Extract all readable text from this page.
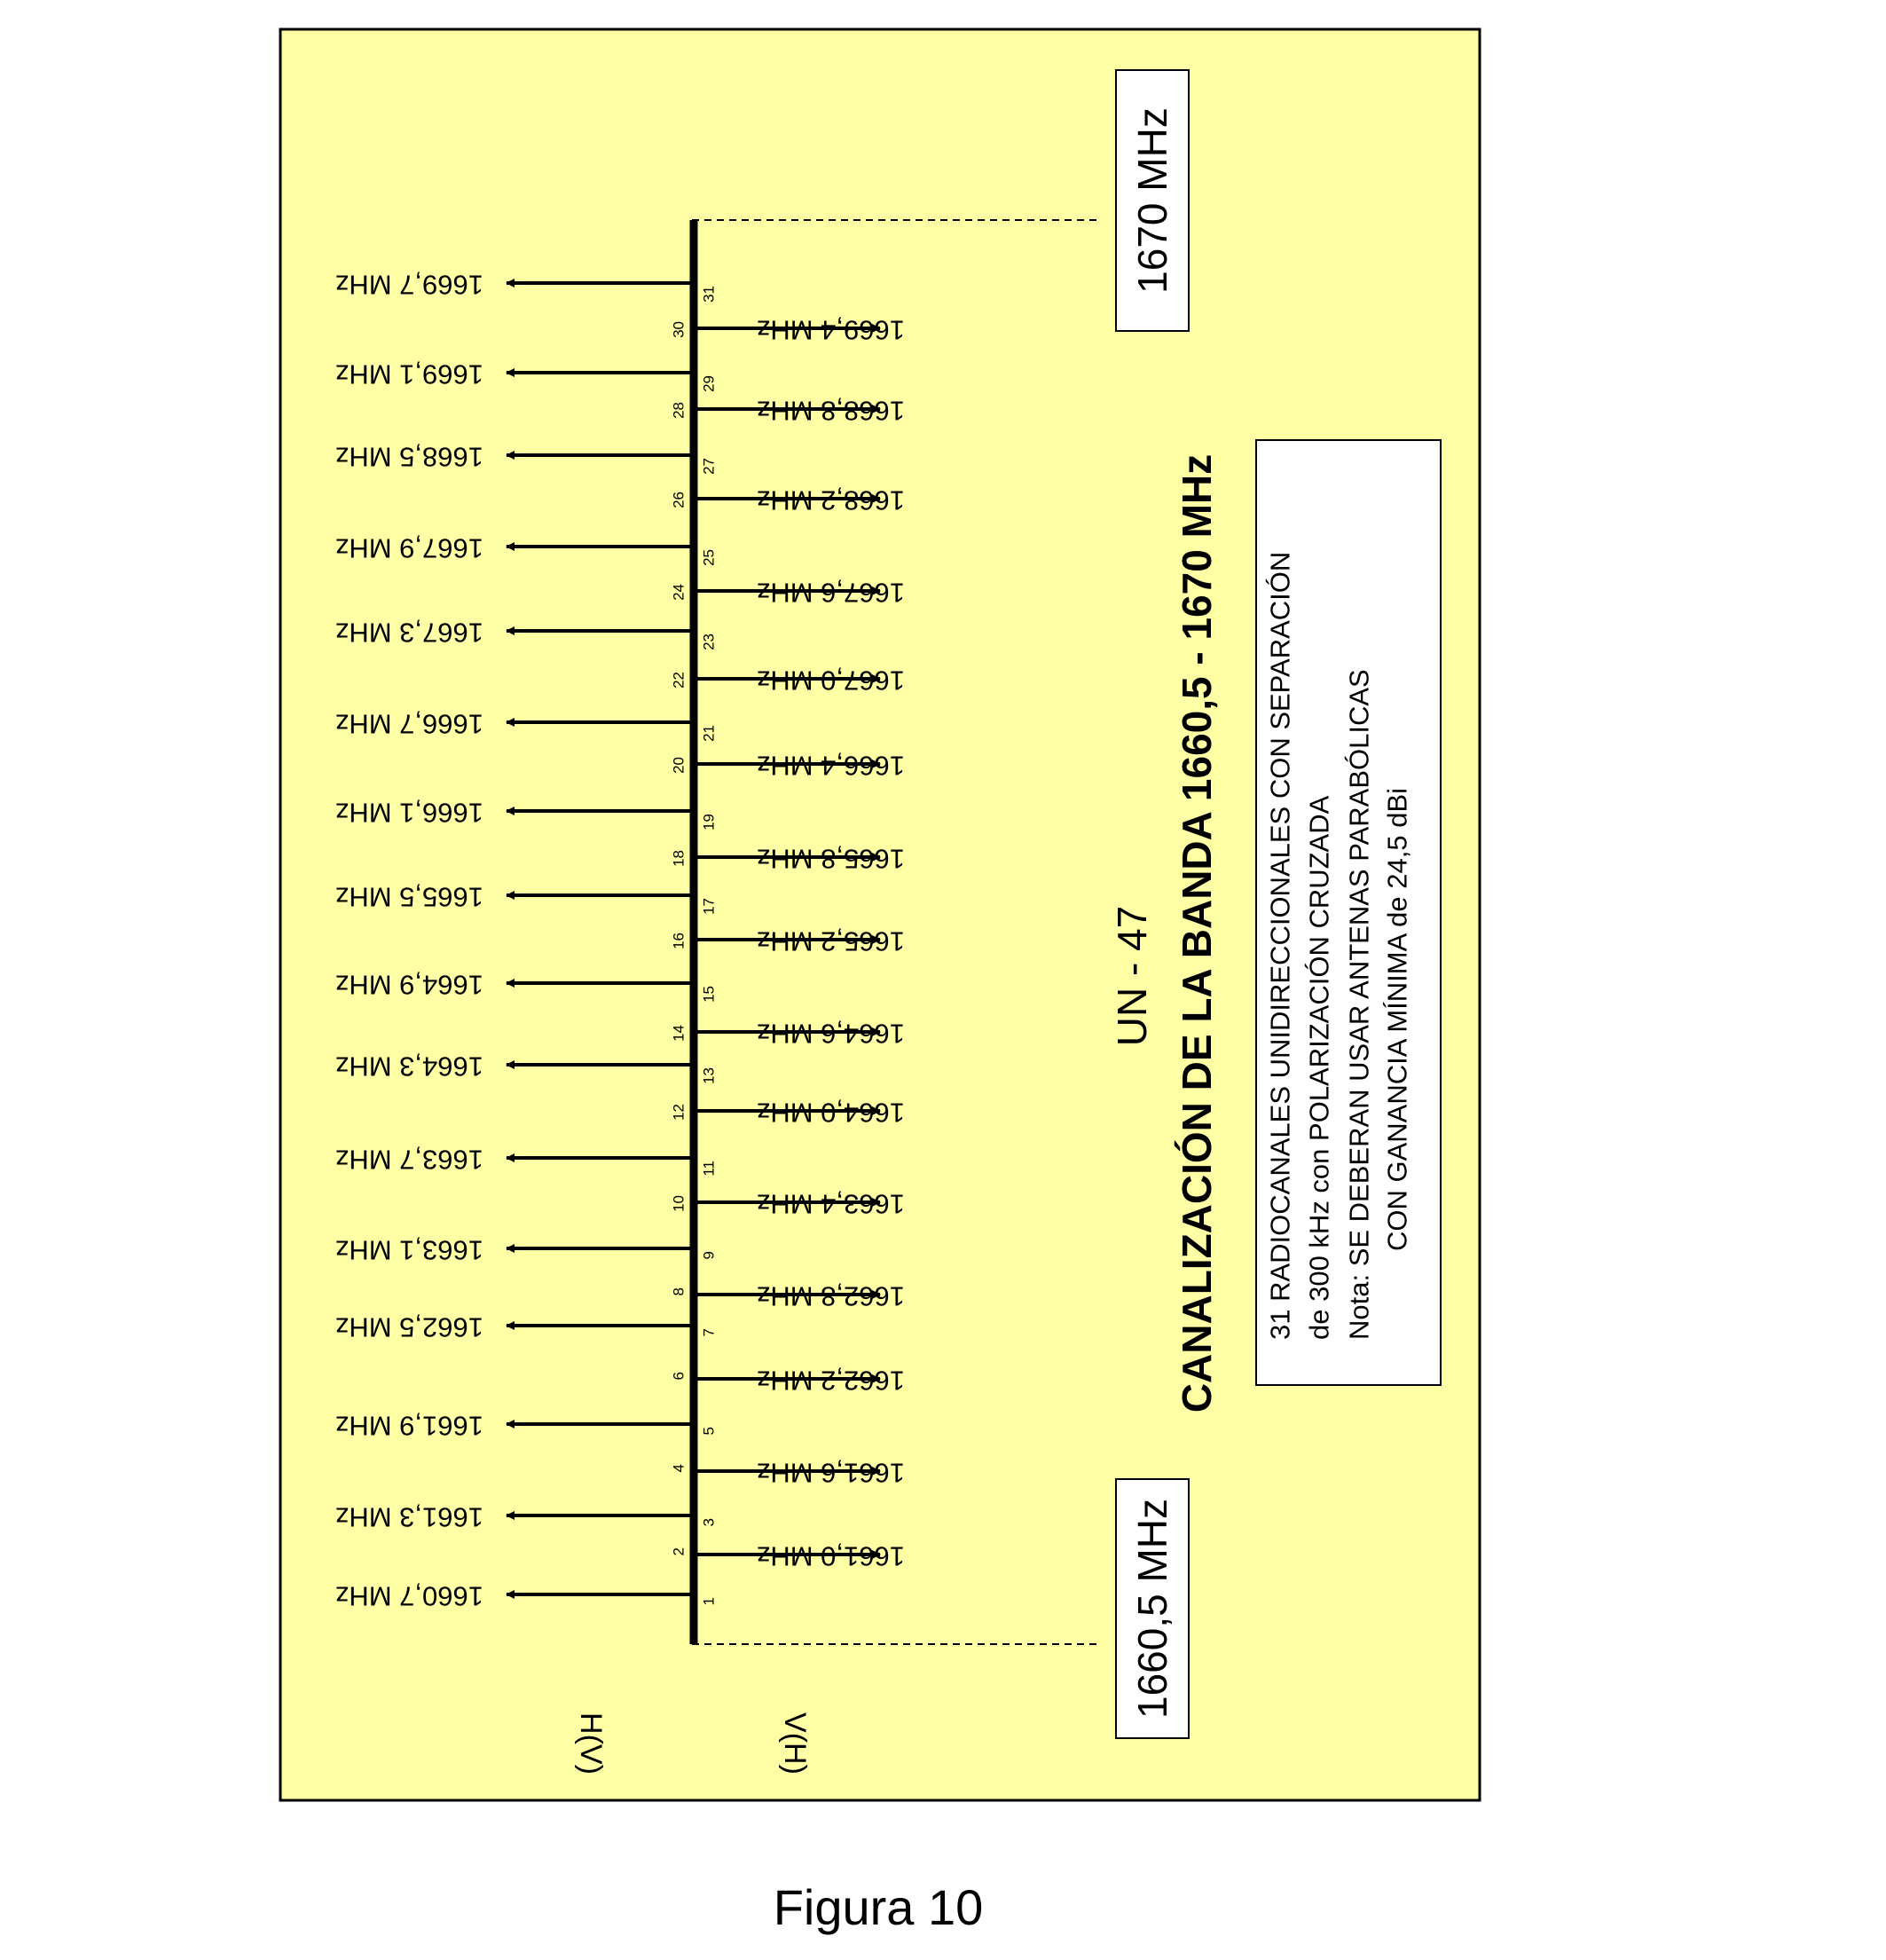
1670 MHz
1660,5 MHz
1
1660,7 MHz
2	1661,0 MHz
3
1661,3 MHz
4	1661,6 MHz
5
1661,9 MHz
6	1662,2 MHz
7
1662,5 MHz
8	1662,8 MHz
9
1663,1 MHz
10	1663,4 MHz
11
1663,7 MHz
12	1664,0 MHz
13
1664,3 MHz
14	1664,6 MHz
15
1664,9 MHz
16	1665,2 MHz
17
1665,5 MHz
18	1665,8 MHz
19
1666,1 MHz
20	1666,4 MHz
21
1666,7 MHz
22	1667,0 MHz
23
1667,3 MHz
24	1667,6 MHz
25
1667,9 MHz
26	1668,2 MHz
27
1668,5 MHz
28	1668,8 MHz
29
1669,1 MHz
30	1669,4 MHz
31
1669,7 MHz
H(V)	V(H)
UN - 47 CANALIZACIÓN DE LA BANDA 1660,5 - 1670 MHz 31 RADIOCANALES UNIDIRECCIONALES CON SEPARACIÓN de 300 kHz con POLARIZACIÓN CRUZADA Nota: SE DEBERAN USAR ANTENAS PARABÓLICAS CON GANANCIA MÍNIMA de 24,5 dBi
Figura 10
